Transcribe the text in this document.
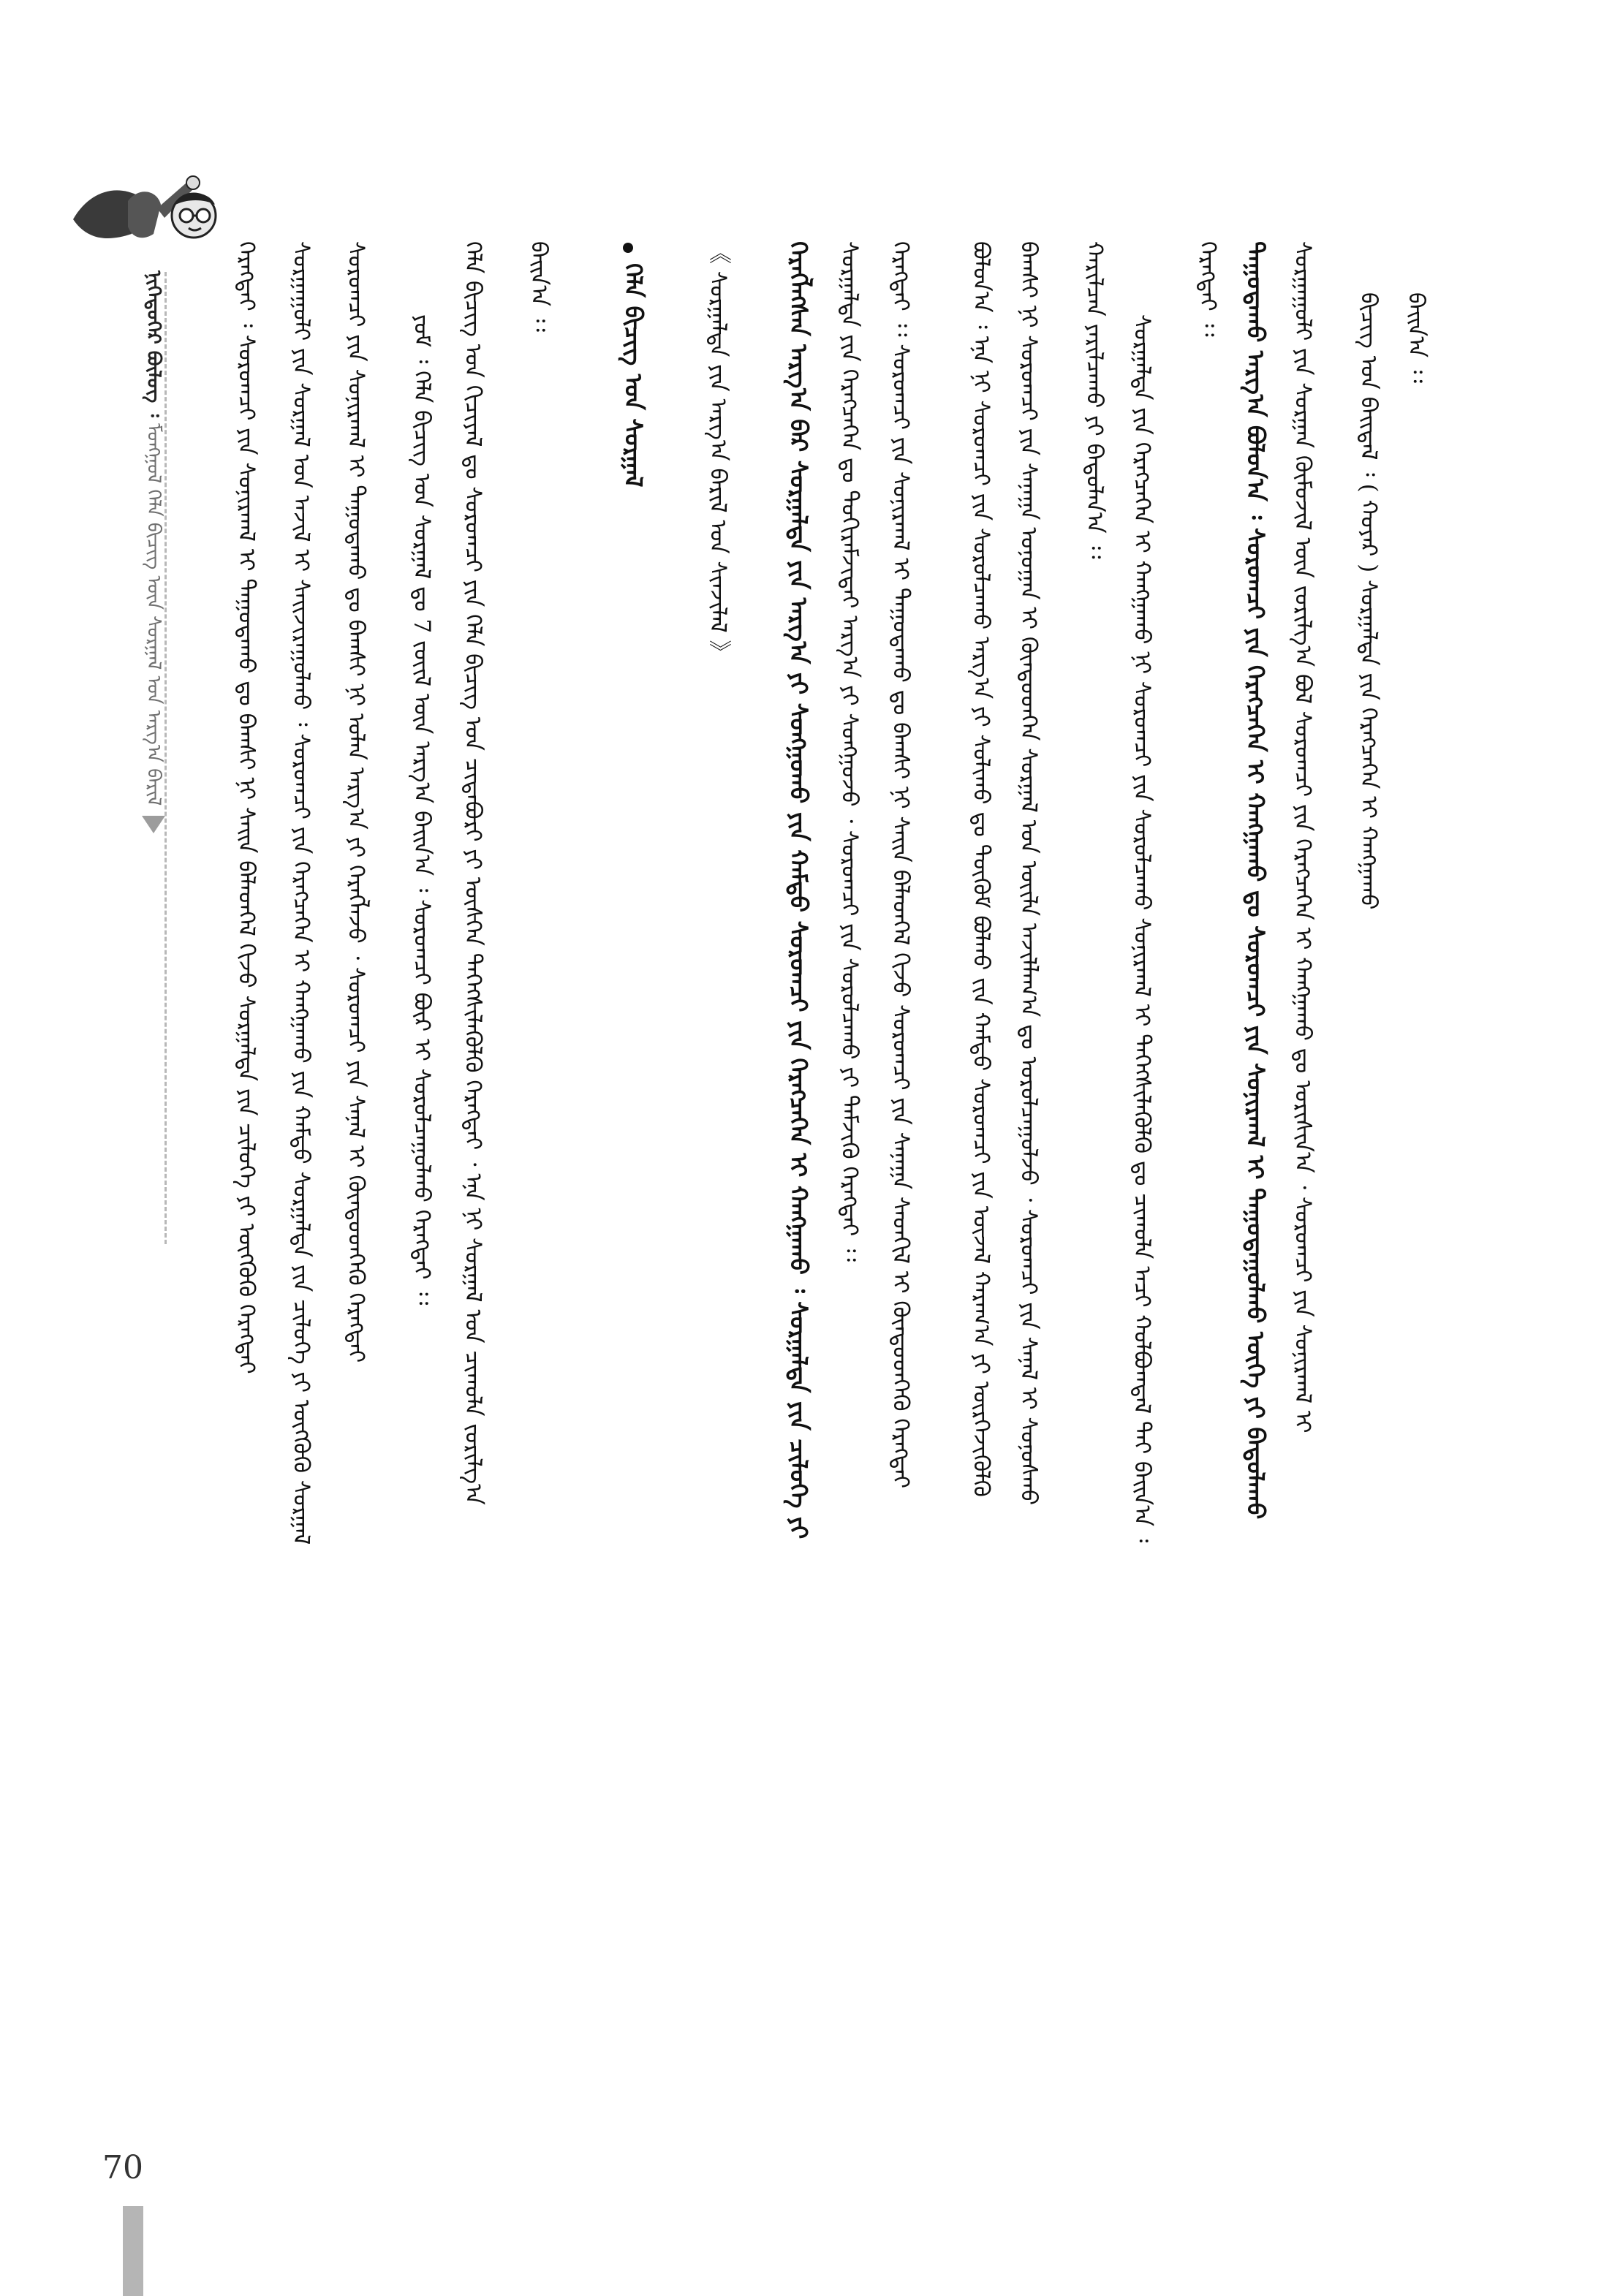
ᠨᠢᠭᠡᠳᠦᠭᠡᠷ ᠪᠦᠯᠦᠭ ᠄
ᠮᠣᠩᠭᠣᠯ ᠬᠡᠯᠡ ᠪᠢᠴᠢᠭ᠌ ᠦᠨ ᠰᠤᠷᠭᠠᠯ ᠤᠨ ᠠᠷᠭ᠎ᠠ ᠪᠠᠷᠢᠯ
ᠪᠠᠢ᠌ᠨ᠎ᠠ ᠄᠄
ᠪᠢᠴᠢᠭ ᠤᠨ ᠪᠠᠢᠳᠠᠯ ᠄ ( ᠬᠣᠶᠠᠷ ) ᠰᠤᠷᠭᠠᠯᠲᠠ ᠶᠢᠨ ᠬᠡᠷᠡᠭᠴᠡᠭᠡᠨ ᠢ ᠬᠠᠩᠭᠠᠬᠤ
ᠰᠤᠷᠭᠠᠭᠤᠯᠢ ᠶᠢᠨ ᠰᠤᠷᠭᠠᠨ ᠬᠦᠮᠦᠵᠢᠯ ᠦᠨ ᠵᠣᠷᠢᠯᠭ᠎ᠠ ᠪᠣᠯ ᠰᠤᠷᠤᠭᠴᠢ ᠶᠢᠨ ᠬᠡᠷᠡᠭᠴᠡᠭᠡᠨ ᠢ ᠬᠠᠩᠭᠠᠬᠤ ᠳᠤ ᠣᠷᠢᠰᠢᠨ᠎ᠠ ᠂ ᠰᠤᠷᠤᠭᠴᠢ ᠶᠢᠨ ᠰᠣᠨᠢᠷᠬᠠᠯ ᠢ
ᠳᠠᠭᠤᠳᠠᠬᠤ ᠠᠷᠭ᠎ᠠ ᠪᠣᠯᠤᠨ᠎ᠠ ᠄ ᠰᠤᠷᠤᠭᠴᠢ ᠶᠢᠨ ᠬᠡᠷᠡᠭᠴᠡᠭᠡᠨ ᠢ ᠬᠠᠩᠭᠠᠬᠤ ᠳᠤ ᠰᠤᠷᠤᠭᠴᠢ ᠶᠢᠨ ᠰᠣᠨᠢᠷᠬᠠᠯ ᠢ ᠳᠠᠭᠤᠳᠠᠭᠤᠯᠬᠤ ᠦᠭᠡ ᠶᠢ ᠪᠠᠲᠤᠯᠠᠬᠤ
ᠬᠡᠷᠡᠭᠲᠡᠢ ᠄᠄
ᠰᠤᠷᠭᠠᠯᠲᠠ ᠶᠢᠨ ᠬᠡᠷᠡᠭᠴᠡᠭᠡᠨ ᠢ ᠬᠠᠩᠭᠠᠬᠤ ᠨᠢ ᠰᠤᠷᠤᠭᠴᠢ ᠶᠢᠨ ᠰᠤᠷᠤᠯᠴᠠᠬᠤ ᠰᠣᠨᠢᠷᠬᠠᠯ ᠢ ᠳᠡᠭᠡᠭᠰᠢᠯᠡᠭᠦᠯᠬᠦ ᠳᠤ ᠴᠢᠬᠤᠯᠠ ᠠᠴᠢ ᠬᠣᠯᠪᠣᠭᠳᠠᠯ ᠲᠠᠢ ᠪᠠᠢᠨ᠎ᠠ ᠄
ᠬᠠᠷᠢᠯᠴᠠᠨ ᠶᠠᠷᠢᠯᠴᠠᠬᠤ ᠶᠢ ᠪᠠᠲᠤᠯᠠᠨ᠎ᠠ ᠄᠄
ᠪᠠᠭᠰᠢ ᠨᠢ ᠰᠤᠷᠤᠭᠴᠢ ᠶᠢᠨ ᠰᠠᠨᠠᠭᠠ ᠣᠨᠣᠭᠠᠨ ᠢ ᠬᠦᠨᠳᠦᠳᠬᠡᠨ ᠰᠤᠷᠭᠠᠯ ᠤᠨ ᠦᠢᠯᠡ ᠠᠵᠢᠯᠯᠠᠭ᠎ᠠ ᠳᠤ ᠣᠷᠣᠯᠴᠠᠭᠤᠯᠵᠤ ᠂ ᠰᠤᠷᠤᠭᠴᠢ ᠶᠢᠨ ᠰᠠᠨᠠᠯ ᠢ ᠰᠣᠨᠣᠰᠬᠤ
ᠪᠣᠯᠤᠨ᠎ᠠ ᠄ ᠡᠨᠡ ᠨᠢ ᠰᠤᠷᠤᠭᠴᠢ ᠶᠢᠨ ᠰᠤᠷᠤᠯᠴᠠᠬᠤ ᠠᠷᠭ᠎ᠠ ᠶᠢ ᠰᠣᠯᠢᠬᠤ ᠳᠤ ᠳᠥᠭᠥᠮ ᠪᠣᠯᠬᠤ ᠵᠢᠨ ᠬᠠᠮᠲᠤ ᠰᠤᠷᠤᠭᠴᠢ ᠶᠢᠨ ᠦᠵᠡᠯ ᠬᠠᠷᠠᠭ᠎ᠠ ᠶᠢ ᠥᠷᠭᠡᠵᠢᠭᠦᠯᠬᠦ
ᠬᠡᠷᠡᠭᠲᠡᠢ ᠄᠄ ᠰᠤᠷᠤᠭᠴᠢ ᠶᠢᠨ ᠰᠣᠨᠢᠷᠬᠠᠯ ᠢ ᠳᠠᠭᠤᠳᠠᠬᠤ ᠳᠤ ᠪᠠᠭᠰᠢ ᠨᠢ ᠰᠠᠢᠨ ᠪᠡᠯᠡᠳᠬᠡᠯ ᠬᠢᠵᠦ ᠰᠤᠷᠤᠭᠴᠢ ᠶᠢᠨ ᠰᠠᠨᠠᠭᠠ ᠰᠡᠳᠬᠢᠯ ᠢ ᠬᠦᠨᠳᠦᠳᠬᠡᠬᠦ ᠬᠡᠷᠡᠭᠲᠡᠢ
ᠰᠤᠷᠭᠠᠯᠲᠠ ᠶᠢᠨ ᠬᠡᠷᠡᠭᠴᠡᠭᠡᠨ ᠳᠤ ᠲᠣᠬᠢᠷᠠᠮᠵᠢᠲᠠᠢ ᠠᠷᠭ᠎ᠠ ᠶᠢ ᠰᠣᠩᠭᠣᠵᠤ ᠂ ᠰᠤᠷᠤᠭᠴᠢ ᠶᠢᠨ ᠰᠤᠷᠤᠯᠴᠠᠬᠤ ᠶᠢ ᠳᠡᠮᠵᠢᠬᠦ ᠬᠡᠷᠡᠭᠲᠡᠢ ᠄᠄
ᠬᠡᠷᠡᠭᠯᠡᠭᠰᠡᠨ ᠠᠷᠭ᠎ᠠ ᠪᠠᠷ ᠰᠤᠷᠭᠠᠯᠲᠠ ᠶᠢᠨ ᠠᠷᠭ᠎ᠠ ᠶᠢ ᠰᠣᠩᠭᠣᠬᠤ ᠶᠢᠨ ᠬᠠᠮᠲᠤ ᠰᠤᠷᠤᠭᠴᠢ ᠶᠢᠨ ᠬᠡᠷᠡᠭᠴᠡᠭᠡᠨ ᠢ ᠬᠠᠩᠭᠠᠬᠤ ᠄ ᠰᠤᠷᠭᠠᠯᠲᠠ ᠶᠢᠨ ᠴᠢᠯᠦᠭᠡ ᠶᠢ
《 ᠰᠤᠷᠭᠠᠯᠲᠠ ᠶᠢᠨ ᠠᠷᠭ᠎ᠠ ᠪᠠᠷᠢᠯ ᠤᠨ ᠰᠢᠨᠵᠢᠯᠡᠯ 》
ᠬᠡᠯᠡ ᠪᠢᠴᠢᠭ ᠤᠨ ᠰᠤᠷᠭᠠᠯ
ᠪᠠᠢ᠌ᠨ᠎ᠠ ᠄᠄
ᠬᠡᠯᠡ ᠪᠢᠴᠢᠭ ᠤᠨ ᠬᠢᠴᠢᠶᠡᠯ ᠳᠤ ᠰᠤᠷᠤᠭᠴᠢ ᠶᠢᠨ ᠬᠡᠯᠡ ᠪᠢᠴᠢᠭ ᠤᠨ ᠴᠢᠳᠠᠪᠤᠷᠢ ᠶᠢ ᠥᠰᠬᠡᠨ ᠳᠡᠭᠡᠭᠰᠢᠯᠡᠭᠦᠯᠬᠦ ᠬᠡᠷᠡᠭᠲᠡᠢ ᠂ ᠡᠨᠡ ᠨᠢ ᠰᠤᠷᠭᠠᠯ ᠤᠨ ᠴᠢᠬᠤᠯᠠ ᠵᠣᠷᠢᠯᠭ᠎ᠠ
ᠶᠤᠮ ᠄ ᠬᠡᠯᠡ ᠪᠢᠴᠢᠭ ᠤᠨ ᠰᠤᠷᠭᠠᠯ ᠳᠤ 7 ᠵᠦᠢᠯ ᠦᠨ ᠠᠷᠭ᠎ᠠ ᠪᠠᠢᠨ᠎ᠠ ᠄ ᠰᠤᠷᠤᠭᠴᠢ ᠪᠦᠷ ᠢ ᠰᠤᠷᠤᠯᠴᠠᠭᠤᠯᠬᠤ ᠬᠡᠷᠡᠭᠲᠡᠢ ᠄᠄
ᠰᠤᠷᠤᠭᠴᠢ ᠶᠢᠨ ᠰᠣᠨᠢᠷᠬᠠᠯ ᠢ ᠳᠠᠭᠤᠳᠠᠬᠤ ᠳᠤ ᠪᠠᠭᠰᠢ ᠨᠢ ᠣᠯᠠᠨ ᠠᠷᠭ᠎ᠠ ᠶᠢ ᠬᠡᠷᠡᠭᠯᠡᠵᠦ ᠂ ᠰᠤᠷᠤᠭᠴᠢ ᠶᠢᠨ ᠰᠠᠨᠠᠯ ᠢ ᠬᠦᠨᠳᠦᠳᠬᠡᠬᠦ ᠬᠡᠷᠡᠭᠲᠡᠢ
ᠰᠤᠷᠭᠠᠭᠤᠯᠢ ᠶᠢᠨ ᠰᠤᠷᠭᠠᠯ ᠤᠨ ᠠᠵᠢᠯ ᠢ ᠰᠠᠢᠵᠢᠷᠠᠭᠤᠯᠬᠤ ᠄ ᠰᠤᠷᠤᠭᠴᠢ ᠶᠢᠨ ᠬᠡᠷᠡᠭᠴᠡᠭᠡᠨ ᠢ ᠬᠠᠩᠭᠠᠬᠤ ᠶᠢᠨ ᠬᠠᠮᠲᠤ ᠰᠤᠷᠭᠠᠯᠲᠠ ᠶᠢᠨ ᠴᠢᠯᠦᠭᠡ ᠶᠢ ᠥᠭᠭᠦᠬᠦ ᠰᠤᠷᠭᠠᠯ
ᠬᠡᠷᠡᠭᠲᠡᠢ ᠄ ᠰᠤᠷᠤᠭᠴᠢ ᠶᠢᠨ ᠰᠣᠨᠢᠷᠬᠠᠯ ᠢ ᠳᠠᠭᠤᠳᠠᠬᠤ ᠳᠤ ᠪᠠᠭᠰᠢ ᠨᠢ ᠰᠠᠢᠨ ᠪᠡᠯᠡᠳᠬᠡᠯ ᠬᠢᠵᠦ ᠰᠤᠷᠭᠠᠯᠲᠠ ᠶᠢᠨ ᠴᠢᠯᠦᠭᠡ ᠶᠢ ᠥᠭᠭᠦᠬᠦ ᠬᠡᠷᠡᠭᠲᠡᠢ
70
